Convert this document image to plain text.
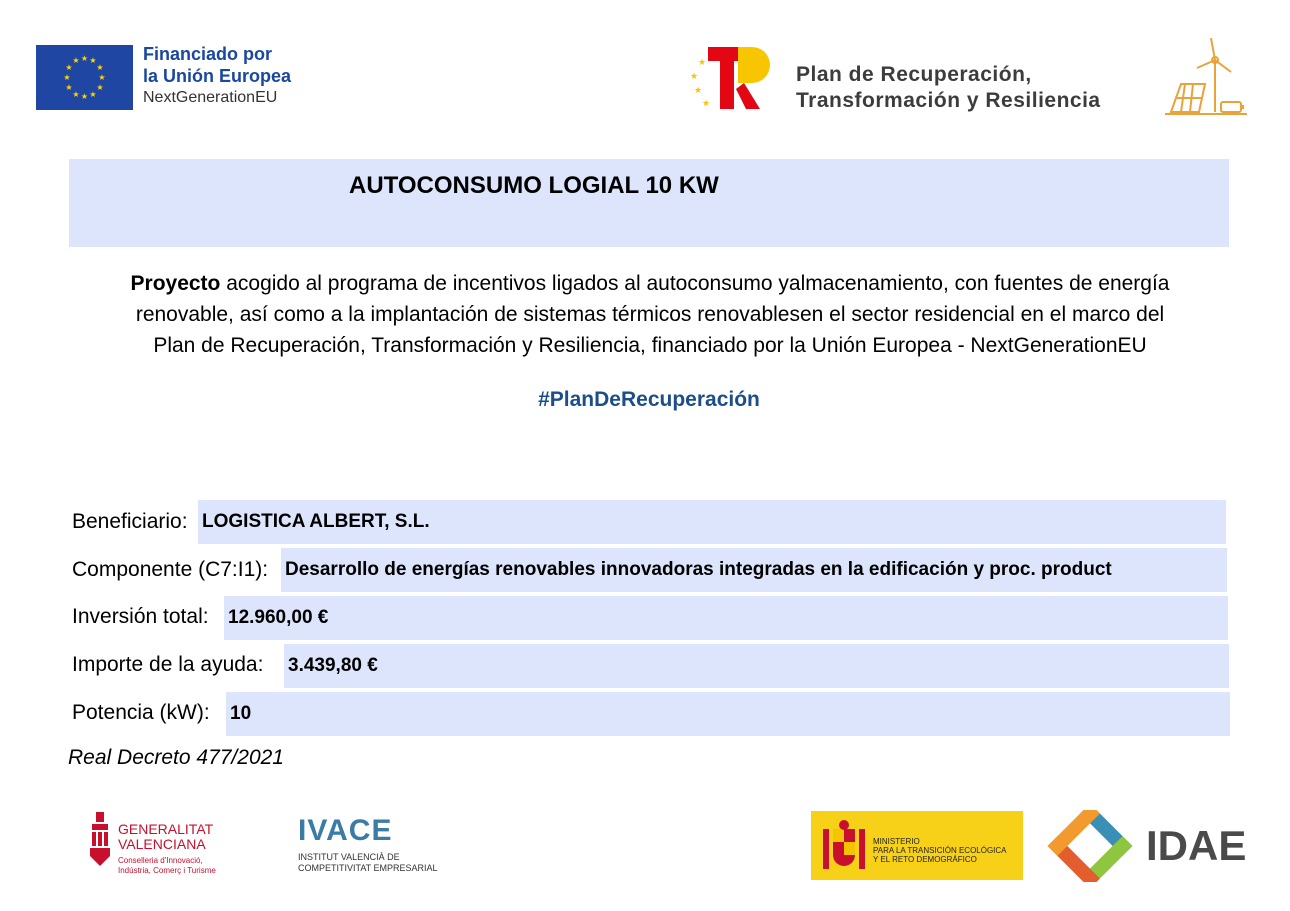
★ ★
★
★
★
★
★
★
★
★
★
★	Financiado por
la Unión Europea
NextGenerationEU
★
★
★
★
Plan de Recuperación,
Transformación y Resiliencia
AUTOCONSUMO LOGIAL 10 KW
Proyecto acogido al programa de incentivos ligados al autoconsumo yalmacenamiento, con fuentes de energía
renovable, así como a la implantación de sistemas térmicos renovablesen el sector residencial en el marco del
Plan de Recuperación, Transformación y Resiliencia, financiado por la Unión Europea - NextGenerationEU
#PlanDeRecuperación
Beneficiario: LOGISTICA ALBERT, S.L.
Componente (C7:I1): Desarrollo de energías renovables innovadoras integradas en la edificación y proc. product
Inversión total: 12.960,00 €
Importe de la ayuda: 3.439,80 €
Potencia (kW): 10
Real Decreto 477/2021
GENERALITAT
VALENCIANA
Conselleria d'Innovació,
Indústria, Comerç i Turisme
IVACE
INSTITUT VALENCIÀ DE
COMPETITIVITAT EMPRESARIAL
MINISTERIO
PARA LA TRANSICIÓN ECOLÓGICA
Y EL RETO DEMOGRÁFICO	IDAE
